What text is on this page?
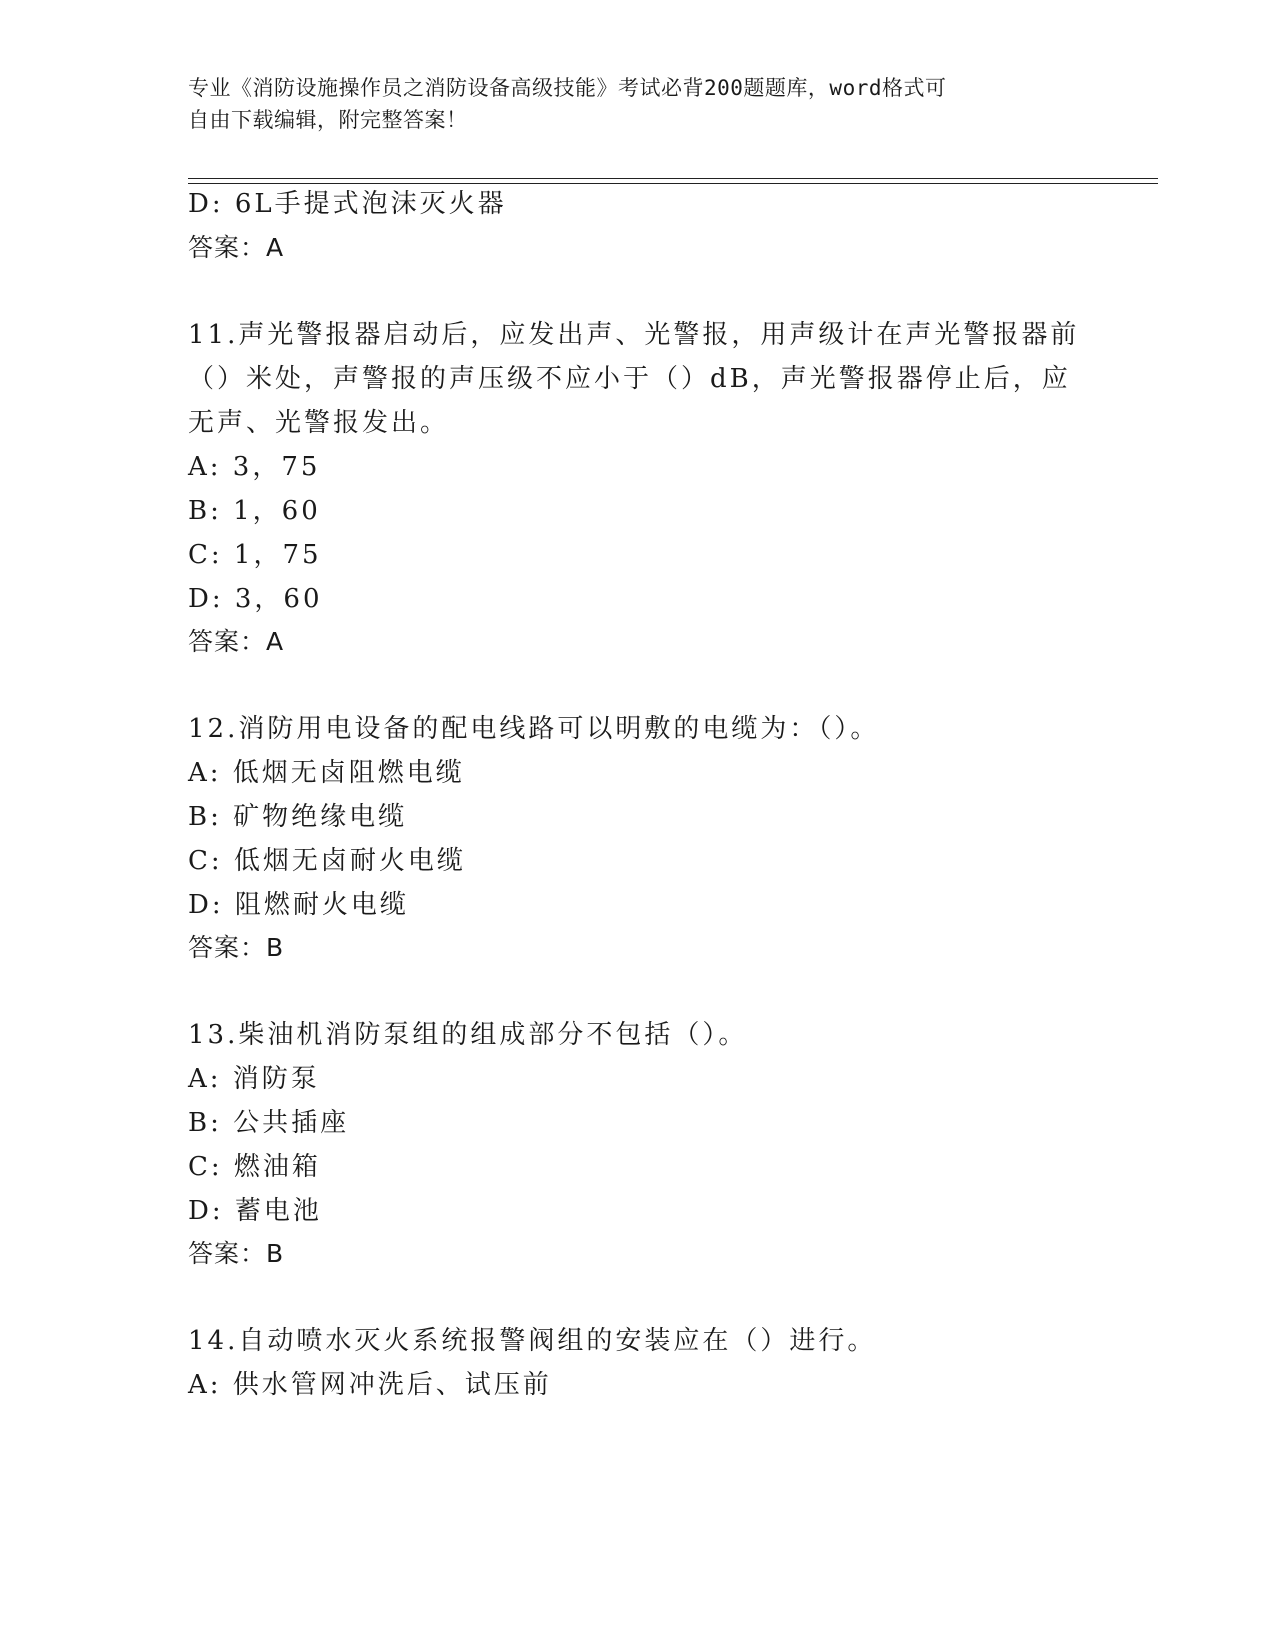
专业《消防设施操作员之消防设备高级技能》考试必背200题题库，word格式可
自由下载编辑，附完整答案！
D: 6L手提式泡沫灭火器
答案：A
11.声光警报器启动后，应发出声、光警报，用声级计在声光警报器前
（）米处，声警报的声压级不应小于（）dB，声光警报器停止后，应
无声、光警报发出。
A: 3，75
B: 1，60
C: 1，75
D: 3，60
答案：A
12.消防用电设备的配电线路可以明敷的电缆为：（）。
A: 低烟无卤阻燃电缆
B: 矿物绝缘电缆
C: 低烟无卤耐火电缆
D: 阻燃耐火电缆
答案：B
13.柴油机消防泵组的组成部分不包括（）。
A: 消防泵
B: 公共插座
C: 燃油箱
D: 蓄电池
答案：B
14.自动喷水灭火系统报警阀组的安装应在（）进行。
A: 供水管网冲洗后、试压前
